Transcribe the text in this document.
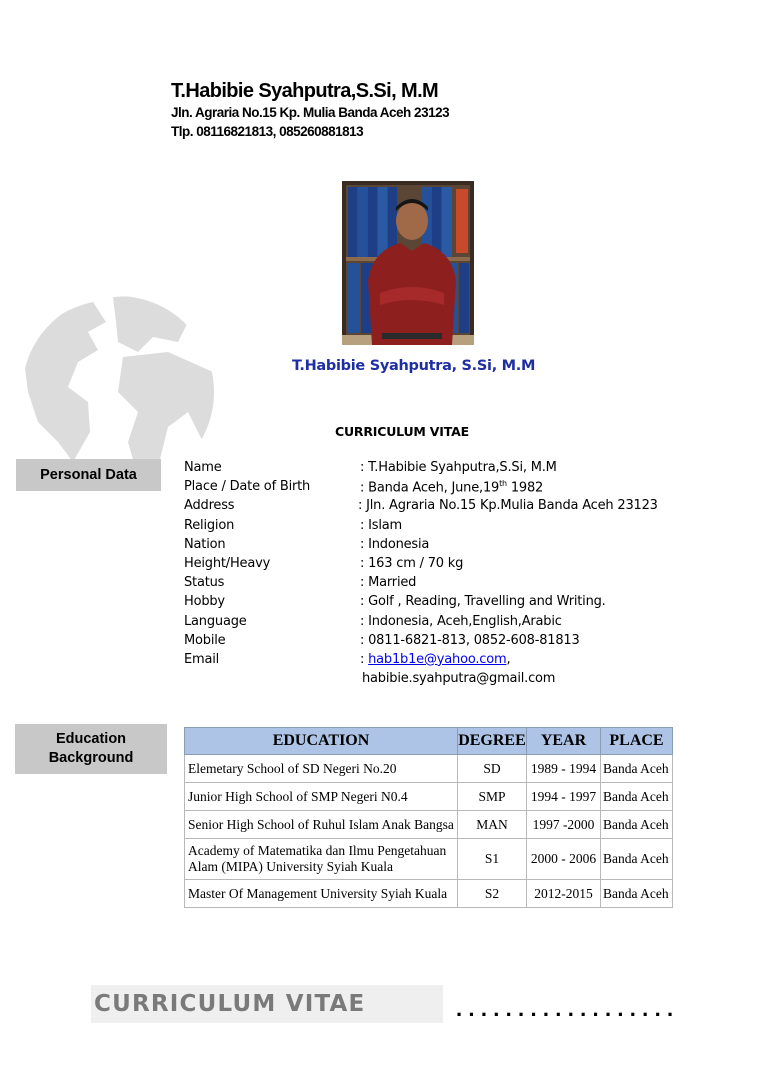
T.Habibie Syahputra,S.Si, M.M
Jln. Agraria No.15 Kp. Mulia Banda Aceh 23123
Tlp. 08116821813, 085260881813
T.Habibie Syahputra, S.Si, M.M
CURRICULUM VITAE
Personal Data	Name	: T.Habibie Syahputra,S.Si, M.M
Place / Date of Birth	: Banda Aceh, June,19th 1982
Address	: Jln. Agraria No.15 Kp.Mulia Banda Aceh 23123
Religion	: Islam
Nation	: Indonesia
Height/Heavy	: 163 cm / 70 kg
Status	: Married
Hobby	: Golf , Reading, Travelling and Writing.
Language	: Indonesia, Aceh,English,Arabic
Mobile	: 0811-6821-813, 0852-608-81813
Email	: hab1b1e@yahoo.com,
habibie.syahputra@gmail.com
Education Background
EDUCATION	DEGREE	YEAR	PLACE
Elemetary School of SD Negeri No.20	SD	1989 - 1994	Banda Aceh
Junior High School of SMP Negeri N0.4	SMP	1994 - 1997	Banda Aceh
Senior High School of Ruhul Islam Anak Bangsa	MAN	1997 -2000	Banda Aceh
Academy of Matematika dan Ilmu Pengetahuan Alam (MIPA) University Syiah Kuala	S1	2000 - 2006	Banda Aceh
Master Of Management University Syiah Kuala	S2	2012-2015	Banda Aceh
CURRICULUM VITAE	..................
